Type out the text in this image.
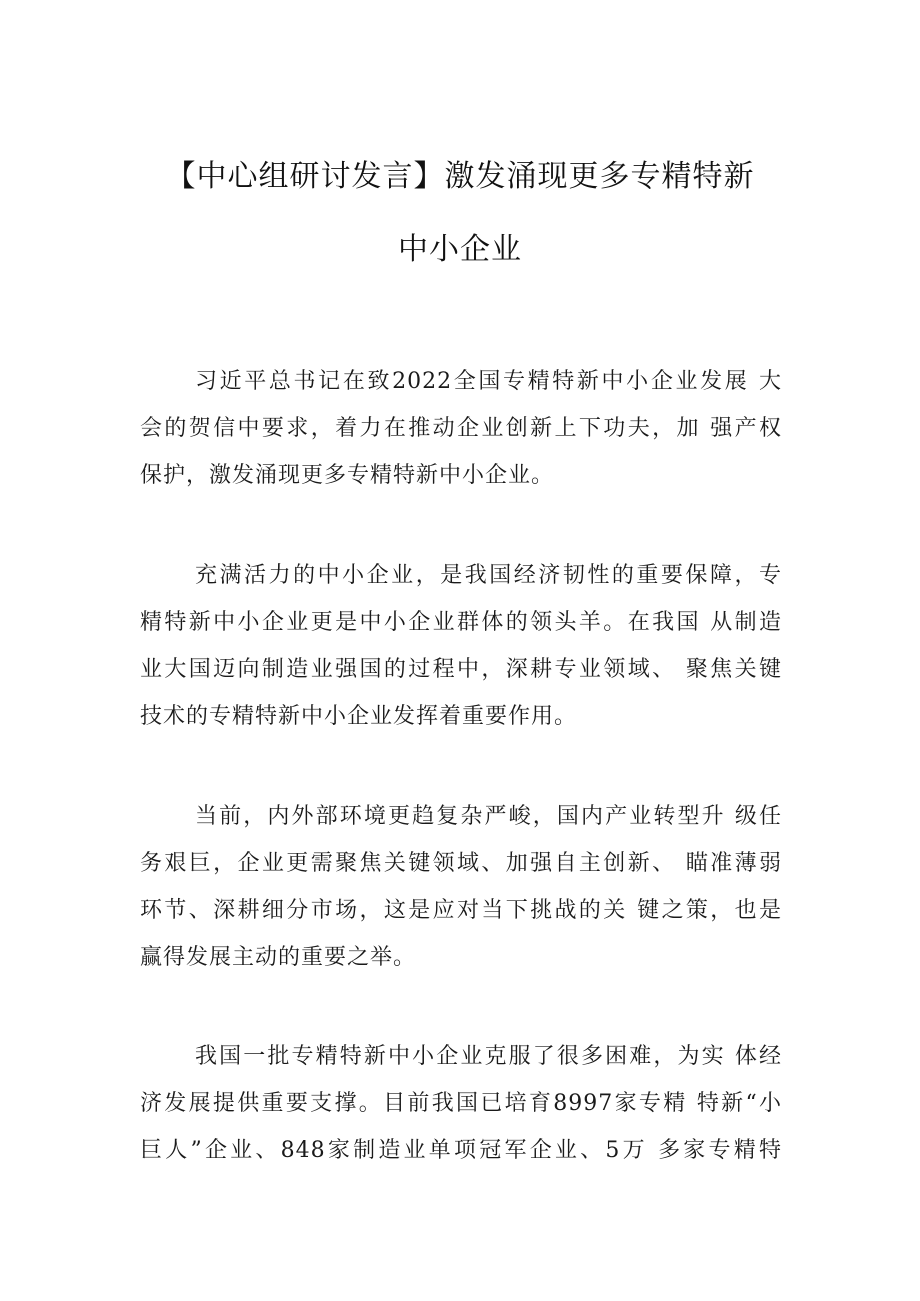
【中心组研讨发言】激发涌现更多专精特新
中小企业
习近平总书记在致2022全国专精特新中小企业发展 大
会的贺信中要求，着力在推动企业创新上下功夫，加 强产权
保护，激发涌现更多专精特新中小企业。
充满活力的中小企业，是我国经济韧性的重要保障，专
精特新中小企业更是中小企业群体的领头羊。在我国 从制造
业大国迈向制造业强国的过程中，深耕专业领域、 聚焦关键
技术的专精特新中小企业发挥着重要作用。
当前，内外部环境更趋复杂严峻，国内产业转型升 级任
务艰巨，企业更需聚焦关键领域、加强自主创新、 瞄准薄弱
环节、深耕细分市场，这是应对当下挑战的关 键之策，也是
赢得发展主动的重要之举。
我国一批专精特新中小企业克服了很多困难，为实 体经
济发展提供重要支撑。目前我国已培育8997家专精 特新“小
巨人”企业、848家制造业单项冠军企业、5万 多家专精特
